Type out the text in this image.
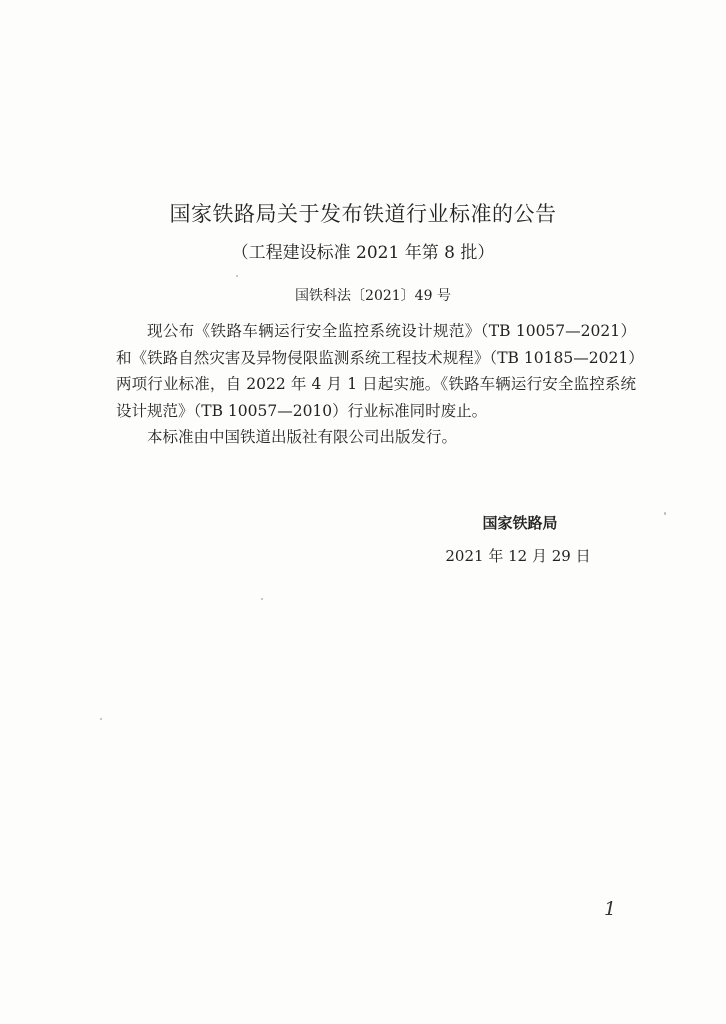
国家铁路局关于发布铁道行业标准的公告
（工程建设标准 2021 年第 8 批）
国铁科法〔2021〕49 号

现公布《铁路车辆运行安全监控系统设计规范》（TB 10057—2021）和《铁路自然灾害及异物侵限监测系统工程技术规程》（TB 10185—2021）两项行业标准，自 2022 年 4 月 1 日起实施。《铁路车辆运行安全监控系统设计规范》（TB 10057—2010）行业标准同时废止。

本标准由中国铁道出版社有限公司出版发行。

国家铁路局
2021 年 12 月 29 日
1
